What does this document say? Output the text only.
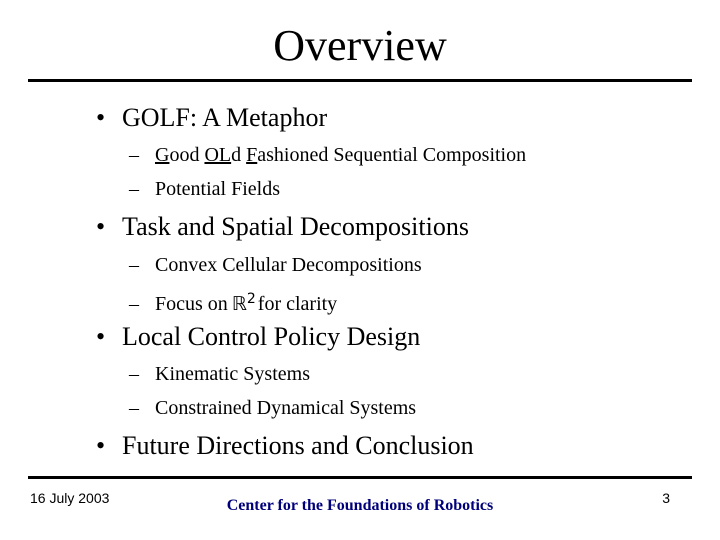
Overview
• GOLF: A Metaphor
– Good OLd Fashioned Sequential Composition
– Potential Fields
• Task and Spatial Decompositions
– Convex Cellular Decompositions
– Focus on ℝ$^2$ for clarity
• Local Control Policy Design
– Kinematic Systems
– Constrained Dynamical Systems
• Future Directions and Conclusion
16 July 2003	Center for the Foundations of Robotics	3
